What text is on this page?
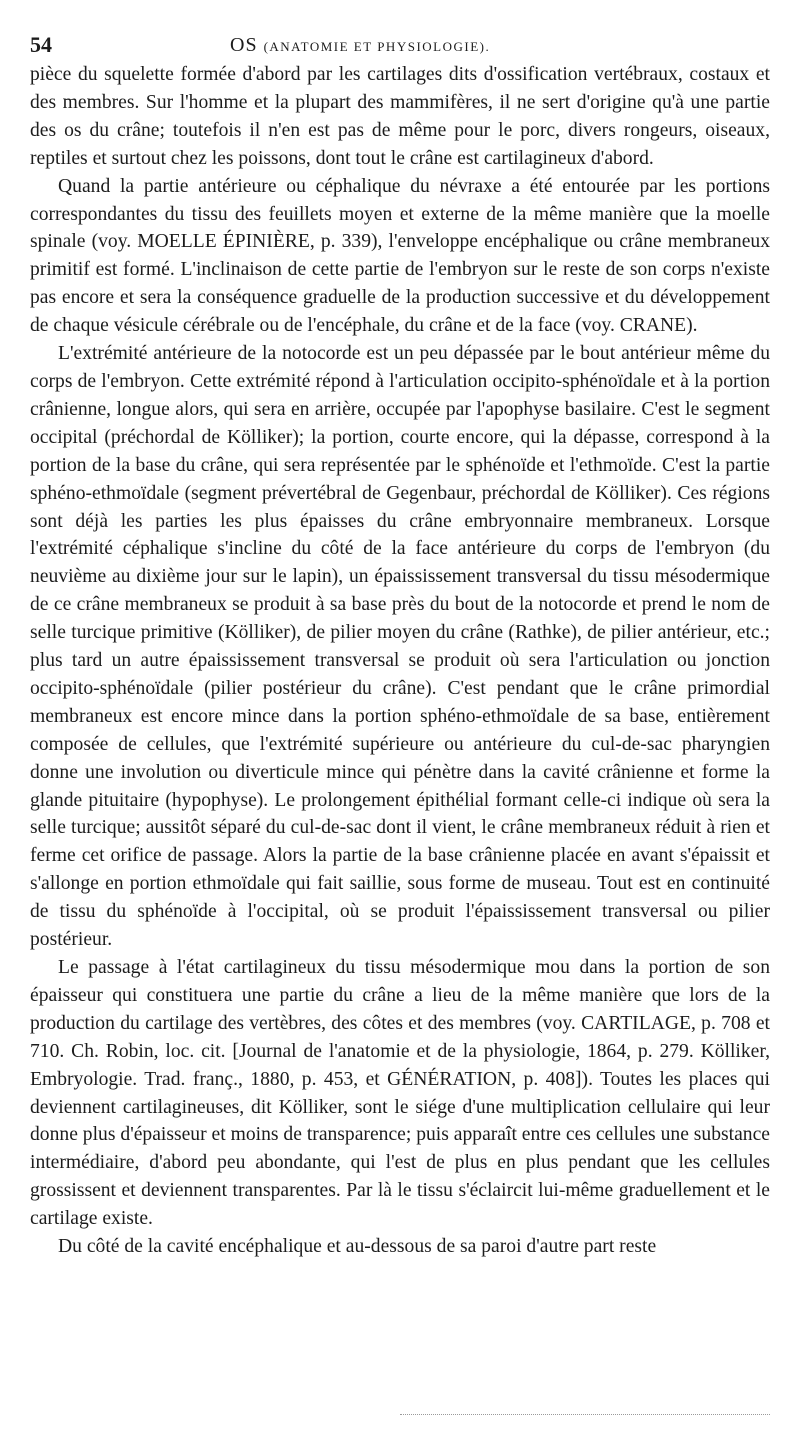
54	OS (ANATOMIE ET PHYSIOLOGIE).

pièce du squelette formée d'abord par les cartilages dits d'ossification vertébraux, costaux et des membres. Sur l'homme et la plupart des mammifères, il ne sert d'origine qu'à une partie des os du crâne; toutefois il n'en est pas de même pour le porc, divers rongeurs, oiseaux, reptiles et surtout chez les poissons, dont tout le crâne est cartilagineux d'abord.

Quand la partie antérieure ou céphalique du névraxe a été entourée par les portions correspondantes du tissu des feuillets moyen et externe de la même manière que la moelle spinale (voy. MOELLE ÉPINIÈRE, p. 339), l'enveloppe encéphalique ou crâne membraneux primitif est formé. L'inclinaison de cette partie de l'embryon sur le reste de son corps n'existe pas encore et sera la conséquence graduelle de la production successive et du développement de chaque vésicule cérébrale ou de l'encéphale, du crâne et de la face (voy. CRANE).

L'extrémité antérieure de la notocorde est un peu dépassée par le bout antérieur même du corps de l'embryon. Cette extrémité répond à l'articulation occipito-sphénoïdale et à la portion crânienne, longue alors, qui sera en arrière, occupée par l'apophyse basilaire. C'est le segment occipital (préchordal de Kölliker); la portion, courte encore, qui la dépasse, correspond à la portion de la base du crâne, qui sera représentée par le sphénoïde et l'ethmoïde. C'est la partie sphéno-ethmoïdale (segment prévertébral de Gegenbaur, préchordal de Kölliker). Ces régions sont déjà les parties les plus épaisses du crâne embryonnaire membraneux. Lorsque l'extrémité céphalique s'incline du côté de la face antérieure du corps de l'embryon (du neuvième au dixième jour sur le lapin), un épaississement transversal du tissu mésodermique de ce crâne membraneux se produit à sa base près du bout de la notocorde et prend le nom de selle turcique primitive (Kölliker), de pilier moyen du crâne (Rathke), de pilier antérieur, etc.; plus tard un autre épaississement transversal se produit où sera l'articulation ou jonction occipito-sphénoïdale (pilier postérieur du crâne). C'est pendant que le crâne primordial membraneux est encore mince dans la portion sphéno-ethmoïdale de sa base, entièrement composée de cellules, que l'extrémité supérieure ou antérieure du cul-de-sac pharyngien donne une involution ou diverticule mince qui pénètre dans la cavité crânienne et forme la glande pituitaire (hypophyse). Le prolongement épithélial formant celle-ci indique où sera la selle turcique; aussitôt séparé du cul-de-sac dont il vient, le crâne membraneux réduit à rien et ferme cet orifice de passage. Alors la partie de la base crânienne placée en avant s'épaissit et s'allonge en portion ethmoïdale qui fait saillie, sous forme de museau. Tout est en continuité de tissu du sphénoïde à l'occipital, où se produit l'épaississement transversal ou pilier postérieur.

Le passage à l'état cartilagineux du tissu mésodermique mou dans la portion de son épaisseur qui constituera une partie du crâne a lieu de la même manière que lors de la production du cartilage des vertèbres, des côtes et des membres (voy. CARTILAGE, p. 708 et 710. Ch. Robin, loc. cit. [Journal de l'anatomie et de la physiologie, 1864, p. 279. Kölliker, Embryologie. Trad. franç., 1880, p. 453, et GÉNÉRATION, p. 408]). Toutes les places qui deviennent cartilagineuses, dit Kölliker, sont le siége d'une multiplication cellulaire qui leur donne plus d'épaisseur et moins de transparence; puis apparaît entre ces cellules une substance intermédiaire, d'abord peu abondante, qui l'est de plus en plus pendant que les cellules grossissent et deviennent transparentes. Par là le tissu s'éclaircit lui-même graduellement et le cartilage existe.

Du côté de la cavité encéphalique et au-dessous de sa paroi d'autre part reste
